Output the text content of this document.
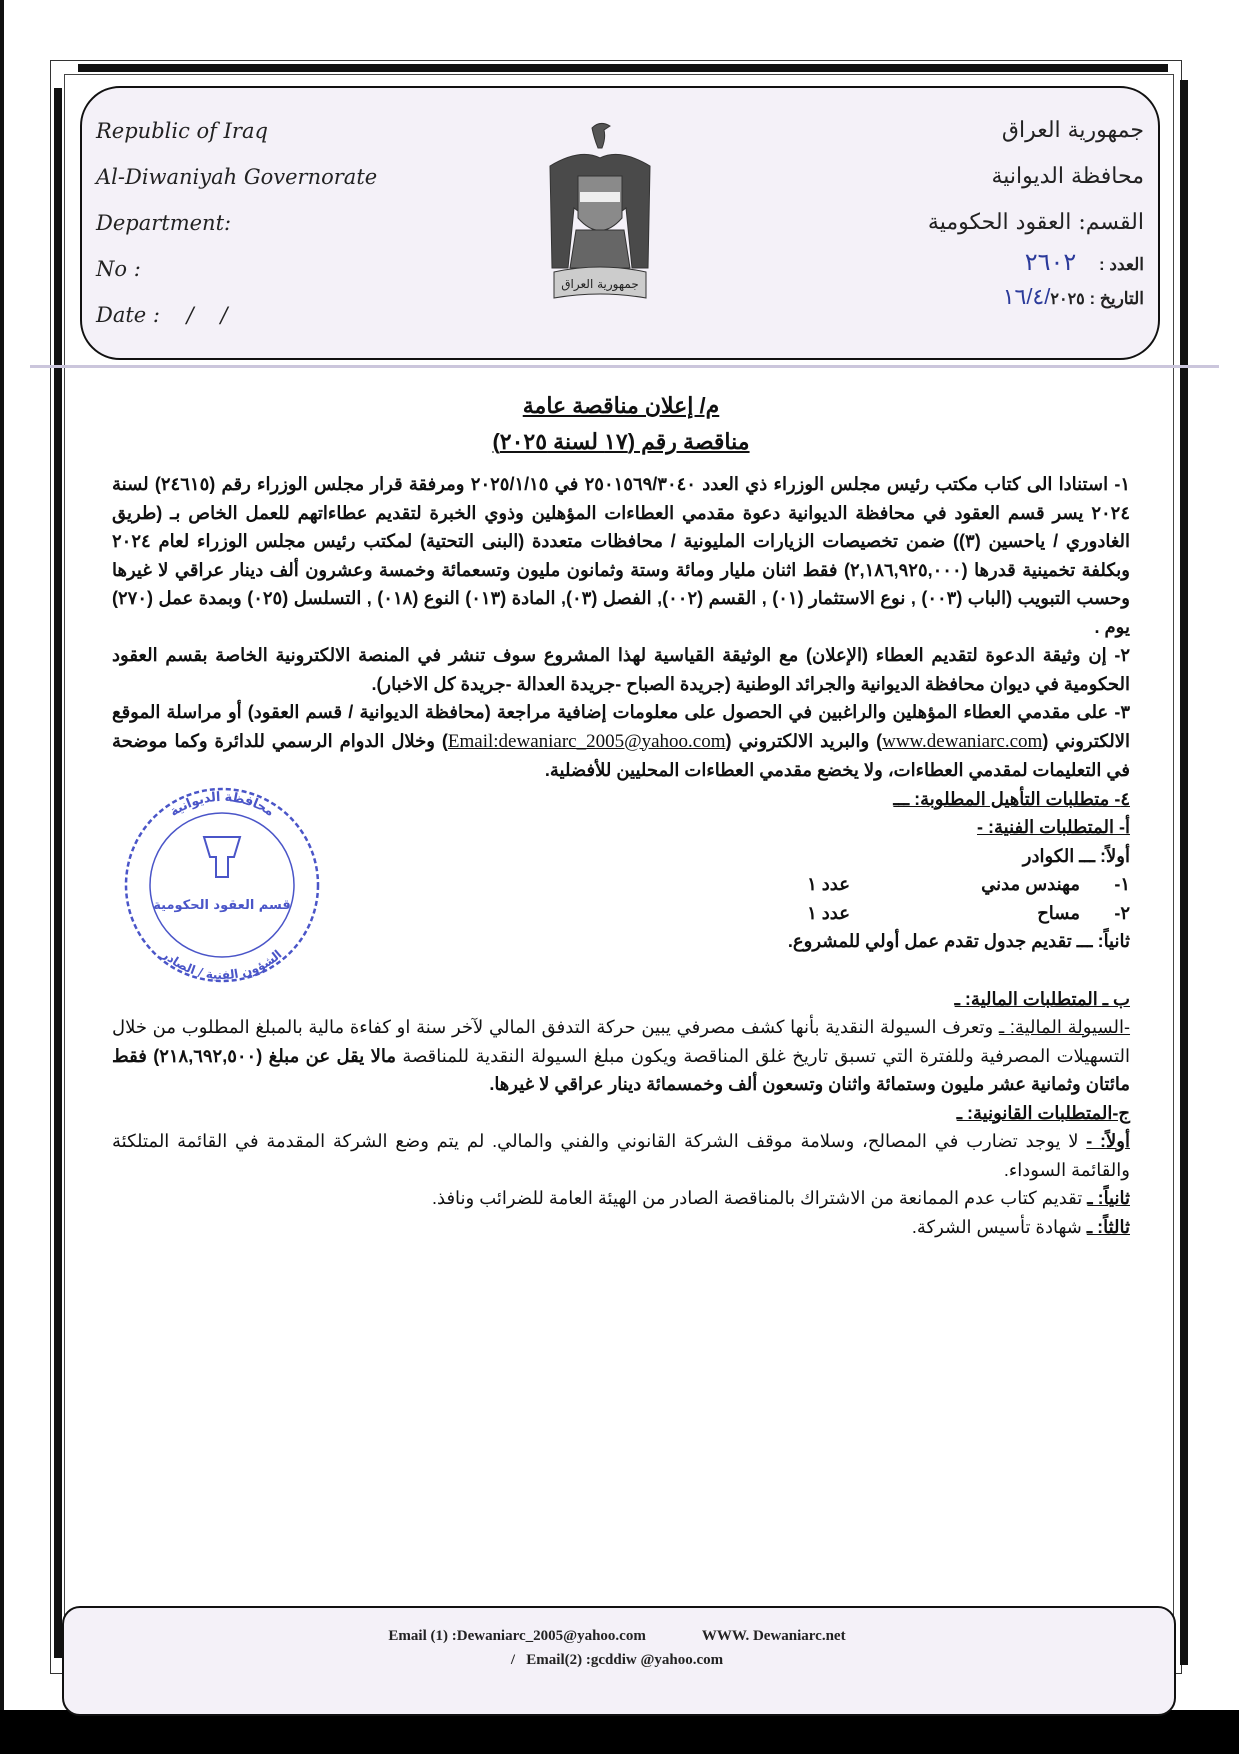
Republic of Iraq
Al-Diwaniyah Governorate
Department:
No :
Date :    /    /
جمهورية العراق
جمهورية العراق
محافظة الديوانية
القسم: العقود الحكومية
العدد : ٢٦٠٢
التاريخ : ١٦/٤/٢٠٢٥
م/ إعلان مناقصة عامة
مناقصة رقم (١٧ لسنة ٢٠٢٥)

١- استنادا الى كتاب مكتب رئيس مجلس الوزراء ذي العدد ٢٥٠١٥٦٩/٣٠٤٠ في ٢٠٢٥/١/١٥ ومرفقة قرار مجلس الوزراء رقم (٢٤٦١٥) لسنة ٢٠٢٤ يسر قسم العقود في محافظة الديوانية دعوة مقدمي العطاءات المؤهلين وذوي الخبرة لتقديم عطاءاتهم للعمل الخاص بـ (طريق الغادوري / ياحسين (٣)) ضمن تخصيصات الزيارات المليونية / محافظات متعددة (البنى التحتية) لمكتب رئيس مجلس الوزراء لعام ٢٠٢٤ وبكلفة تخمينية قدرها (٢,١٨٦,٩٢٥,٠٠٠) فقط اثنان مليار ومائة وستة وثمانون مليون وتسعمائة وخمسة وعشرون ألف دينار عراقي لا غيرها وحسب التبويب (الباب (٠٠٣) , نوع الاستثمار (٠١) , القسم (٠٠٢), الفصل (٠٣), المادة (٠١٣) النوع (٠١٨) , التسلسل (٠٢٥) وبمدة عمل (٢٧٠) يوم .

٢- إن وثيقة الدعوة لتقديم العطاء (الإعلان) مع الوثيقة القياسية لهذا المشروع سوف تنشر في المنصة الالكترونية الخاصة بقسم العقود الحكومية في ديوان محافظة الديوانية والجرائد الوطنية (جريدة الصباح -جريدة العدالة -جريدة كل الاخبار).

٣- على مقدمي العطاء المؤهلين والراغبين في الحصول على معلومات إضافية مراجعة (محافظة الديوانية / قسم العقود) أو مراسلة الموقع الالكتروني (www.dewaniarc.com) والبريد الالكتروني (Email:dewaniarc_2005@yahoo.com) وخلال الدوام الرسمي للدائرة وكما موضحة في التعليمات لمقدمي العطاءات، ولا يخضع مقدمي العطاءات المحليين للأفضلية.

٤- متطلبات التأهيل المطلوبة: ـــ

أ- المتطلبات الفنية: -

أولاً: ـــ الكوادر

١-
مهندس مدني
عدد ١
٢-
مساح
عدد ١

ثانياً: ـــ تقديم جدول تقدم عمل أولي للمشروع.

قسم العقود الحكومية
محافظة الديوانية
الشؤون الفنية / الصادر

ب ـ المتطلبات المالية: ـ

-السيولة المالية: ـ وتعرف السيولة النقدية بأنها كشف مصرفي يبين حركة التدفق المالي لآخر سنة او كفاءة مالية بالمبلغ المطلوب من خلال التسهيلات المصرفية وللفترة التي تسبق تاريخ غلق المناقصة ويكون مبلغ السيولة النقدية للمناقصة مالا يقل عن مبلغ (٢١٨,٦٩٢,٥٠٠) فقط مائتان وثمانية عشر مليون وستمائة واثنان وتسعون ألف وخمسمائة دينار عراقي لا غيرها.

ج-المتطلبات القانونية: ـ

أولاً: - لا يوجد تضارب في المصالح، وسلامة موقف الشركة القانوني والفني والمالي. لم يتم وضع الشركة المقدمة في القائمة المتلكئة والقائمة السوداء.

ثانياً: ـ تقديم كتاب عدم الممانعة من الاشتراك بالمناقصة الصادر من الهيئة العامة للضرائب ونافذ.

ثالثاً: ـ شهادة تأسيس الشركة.

Email (1) :Dewaniarc_2005@yahoo.com	WWW. Dewaniarc.net
/   Email(2) :gcddiw @yahoo.com
